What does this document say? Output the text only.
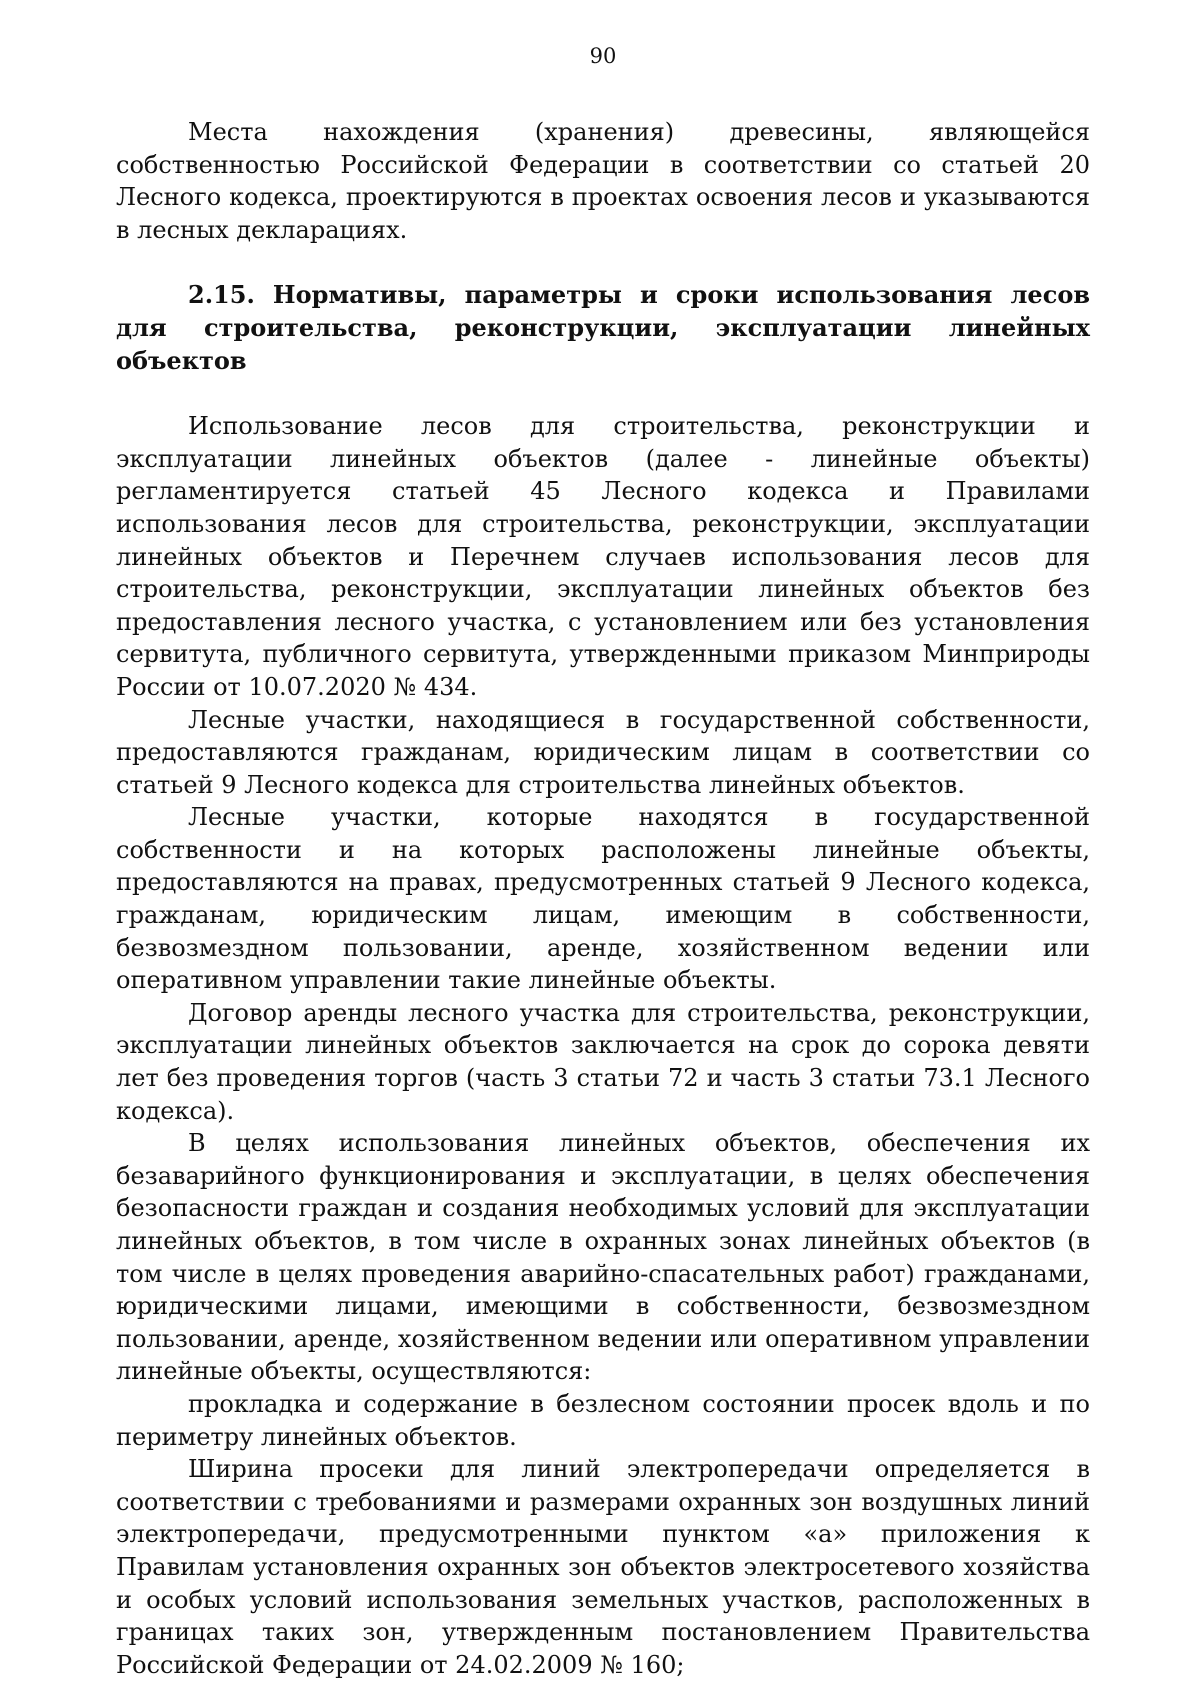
90

Места нахождения (хранения) древесины, являющейся собственностью Российской Федерации в соответствии со статьей 20 Лесного кодекса, проектируются в проектах освоения лесов и указываются в лесных декларациях.

2.15. Нормативы, параметры и сроки использования лесов для строительства, реконструкции, эксплуатации линейных объектов

Использование лесов для строительства, реконструкции и эксплуатации линейных объектов (далее - линейные объекты) регламентируется статьей 45 Лесного кодекса и Правилами использования лесов для строительства, реконструкции, эксплуатации линейных объектов и Перечнем случаев использования лесов для строительства, реконструкции, эксплуатации линейных объектов без предоставления лесного участка, с установлением или без установления сервитута, публичного сервитута, утвержденными приказом Минприроды России от 10.07.2020 № 434.

Лесные участки, находящиеся в государственной собственности, предоставляются гражданам, юридическим лицам в соответствии со статьей 9 Лесного кодекса для строительства линейных объектов.

Лесные участки, которые находятся в государственной собственности и на которых расположены линейные объекты, предоставляются на правах, предусмотренных статьей 9 Лесного кодекса, гражданам, юридическим лицам, имеющим в собственности, безвозмездном пользовании, аренде, хозяйственном ведении или оперативном управлении такие линейные объекты.

Договор аренды лесного участка для строительства, реконструкции, эксплуатации линейных объектов заключается на срок до сорока девяти лет без проведения торгов (часть 3 статьи 72 и часть 3 статьи 73.1 Лесного кодекса).

В целях использования линейных объектов, обеспечения их безаварийного функционирования и эксплуатации, в целях обеспечения безопасности граждан и создания необходимых условий для эксплуатации линейных объектов, в том числе в охранных зонах линейных объектов (в том числе в целях проведения аварийно-спасательных работ) гражданами, юридическими лицами, имеющими в собственности, безвозмездном пользовании, аренде, хозяйственном ведении или оперативном управлении линейные объекты, осуществляются:

прокладка и содержание в безлесном состоянии просек вдоль и по периметру линейных объектов.

Ширина просеки для линий электропередачи определяется в соответствии с требованиями и размерами охранных зон воздушных линий электропередачи, предусмотренными пунктом «а» приложения к Правилам установления охранных зон объектов электросетевого хозяйства и особых условий использования земельных участков, расположенных в границах таких зон, утвержденным постановлением Правительства Российской Федерации от 24.02.2009 № 160;
